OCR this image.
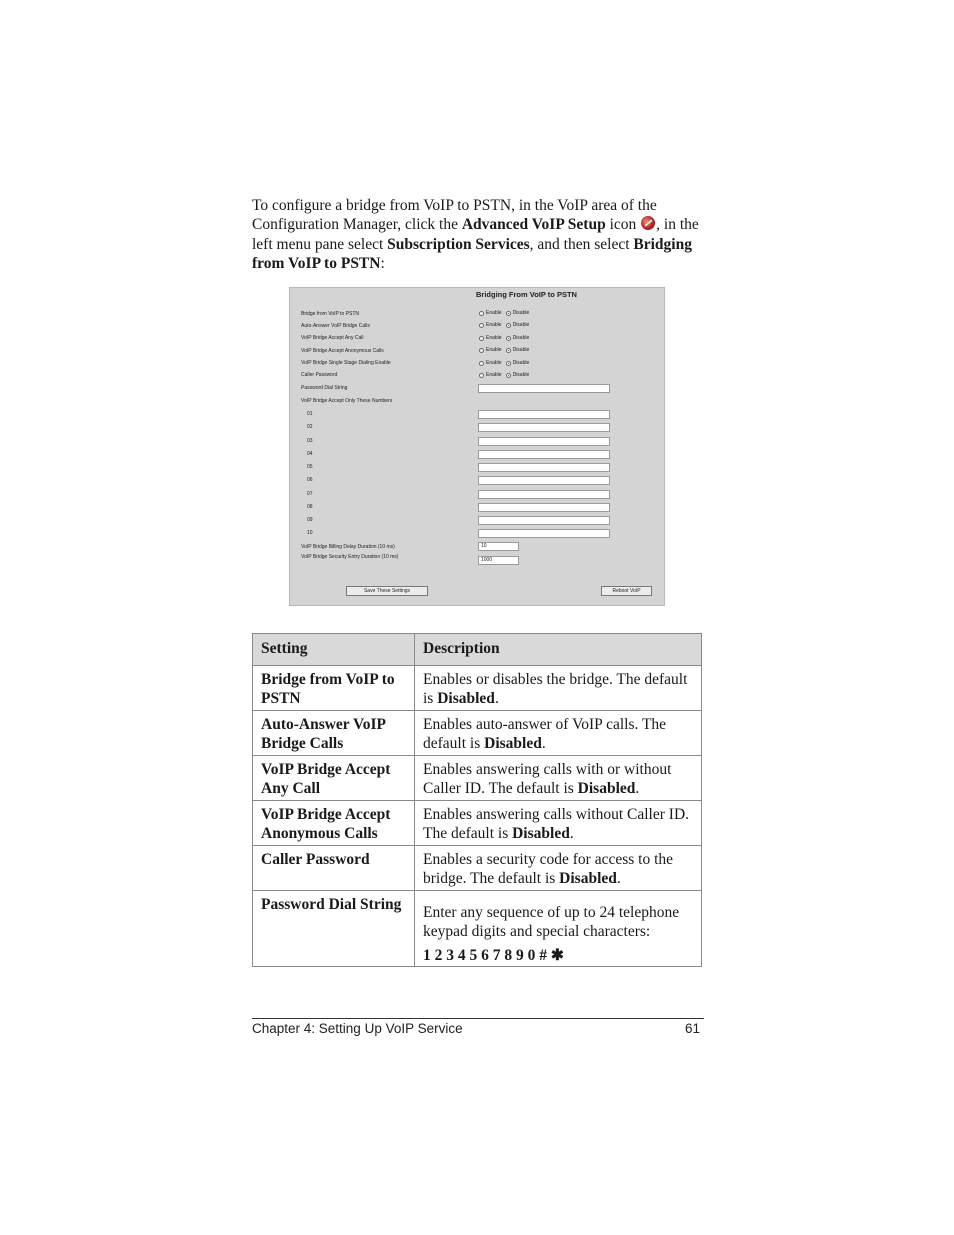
To configure a bridge from VoIP to PSTN, in the VoIP area of the Configuration Manager, click the Advanced VoIP Setup icon , in the left menu pane select Subscription Services, and then select Bridging from VoIP to PSTN:
Bridging From VoIP to PSTN
Bridge from VoIP to PSTN	Enable Disable
Auto-Answer VoIP Bridge Calls	Enable Disable
VoIP Bridge Accept Any Call	Enable Disable
VoIP Bridge Accept Anonymous Calls	Enable Disable
VoIP Bridge Single Stage Dialing Enable	Enable Disable
Caller Password	Enable Disable
Password Dial String
VoIP Bridge Accept Only These Numbers
01
02
03
04
05
06
07
08
09
10
VoIP Bridge Billing Delay Duration (10 ms)	10
VoIP Bridge Security Entry Duration (10 ms)	1000
Save These Settings	Reboot VoIP
Setting	Description
Bridge from VoIP to PSTN	Enables or disables the bridge. The default is Disabled.
Auto-Answer VoIP Bridge Calls	Enables auto-answer of VoIP calls. The default is Disabled.
VoIP Bridge Accept Any Call	Enables answering calls with or without Caller ID. The default is Disabled.
VoIP Bridge Accept Anonymous Calls	Enables answering calls without Caller ID. The default is Disabled.
Caller Password	Enables a security code for access to the bridge. The default is Disabled.
Password Dial String	Enter any sequence of up to 24 telephone keypad digits and special characters:
1 2 3 4 5 6 7 8 9 0 # ✱
Chapter 4: Setting Up VoIP Service	61
